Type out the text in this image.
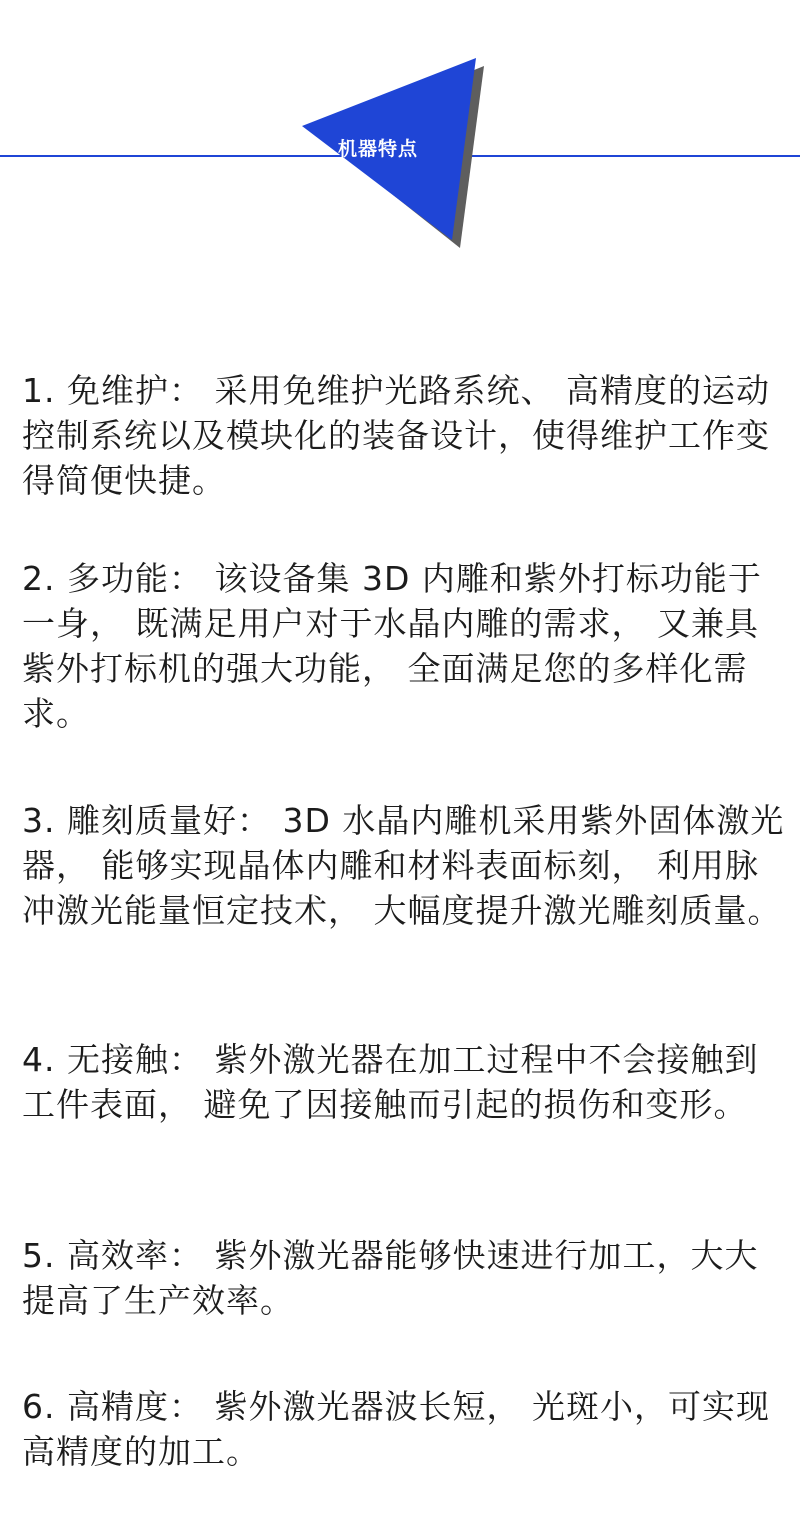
机器特点
1. 免维护： 采用免维护光路系统、 高精度的运动控制系统以及模块化的装备设计，使得维护工作变得简便快捷。
2. 多功能： 该设备集 3D 内雕和紫外打标功能于一身， 既满足用户对于水晶内雕的需求， 又兼具紫外打标机的强大功能， 全面满足您的多样化需求。
3. 雕刻质量好： 3D 水晶内雕机采用紫外固体激光器， 能够实现晶体内雕和材料表面标刻， 利用脉冲激光能量恒定技术， 大幅度提升激光雕刻质量。
4. 无接触： 紫外激光器在加工过程中不会接触到工件表面， 避免了因接触而引起的损伤和变形。
5. 高效率： 紫外激光器能够快速进行加工，大大提高了生产效率。
6. 高精度： 紫外激光器波长短， 光斑小，可实现高精度的加工。
